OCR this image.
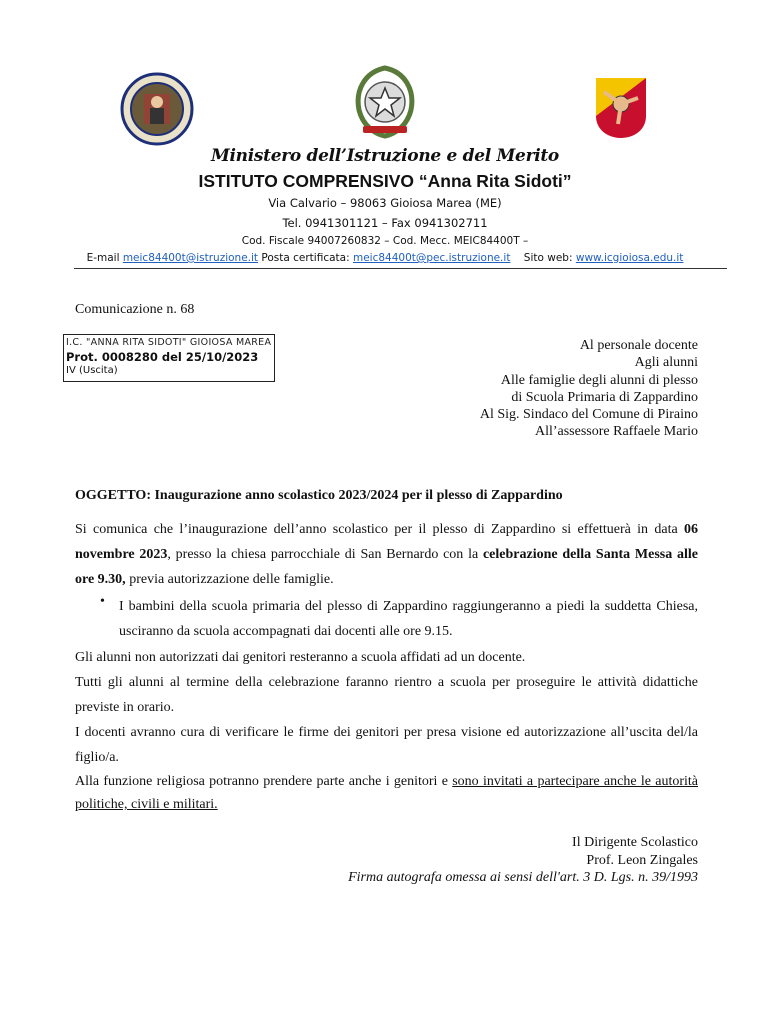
Ministero dell’Istruzione e del Merito
ISTITUTO COMPRENSIVO “Anna Rita Sidoti”
Via Calvario – 98063 Gioiosa Marea (ME)
Tel. 0941301121 – Fax 0941302711
Cod. Fiscale 94007260832 – Cod. Mecc. MEIC84400T –
E-mail meic84400t@istruzione.it Posta certificata: meic84400t@pec.istruzione.it Sito web: www.icgioiosa.edu.it
Comunicazione n. 68
I.C. "ANNA RITA SIDOTI" GIOIOSA MAREA
Prot. 0008280 del 25/10/2023
IV (Uscita)
Al personale docente
Agli alunni
Alle famiglie degli alunni di plesso
di Scuola Primaria di Zappardino
Al Sig. Sindaco del Comune di Piraino
All’assessore Raffaele Mario
OGGETTO: Inaugurazione anno scolastico 2023/2024 per il plesso di Zappardino
Si comunica che l’inaugurazione dell’anno scolastico per il plesso di Zappardino si effettuerà in data 06 novembre 2023, presso la chiesa parrocchiale di San Bernardo con la celebrazione della Santa Messa alle ore 9.30, previa autorizzazione delle famiglie.
• I bambini della scuola primaria del plesso di Zappardino raggiungeranno a piedi la suddetta Chiesa, usciranno da scuola accompagnati dai docenti alle ore 9.15.
Gli alunni non autorizzati dai genitori resteranno a scuola affidati ad un docente.
Tutti gli alunni al termine della celebrazione faranno rientro a scuola per proseguire le attività didattiche previste in orario.
I docenti avranno cura di verificare le firme dei genitori per presa visione ed autorizzazione all’uscita del/la figlio/a.
Alla funzione religiosa potranno prendere parte anche i genitori e sono invitati a partecipare anche le autorità politiche, civili e militari.
Il Dirigente Scolastico
Prof. Leon Zingales
Firma autografa omessa ai sensi dell'art. 3 D. Lgs. n. 39/1993
